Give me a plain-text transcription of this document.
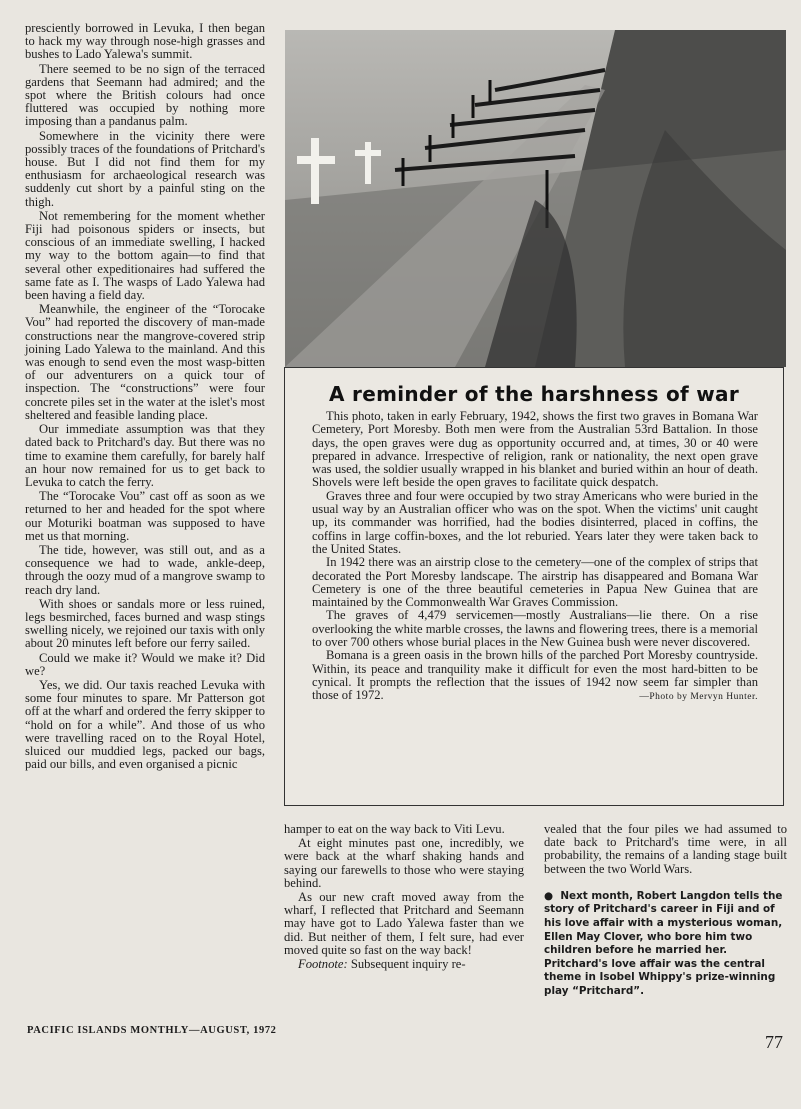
presciently borrowed in Levuka, I then began to hack my way through nose-high grasses and bushes to Lado Yalewa's summit.

There seemed to be no sign of the terraced gardens that Seemann had admired; and the spot where the British colours had once fluttered was occupied by nothing more imposing than a pandanus palm.

Somewhere in the vicinity there were possibly traces of the foundations of Pritchard's house. But I did not find them for my enthusiasm for archaeological research was suddenly cut short by a painful sting on the thigh.

Not remembering for the moment whether Fiji had poisonous spiders or insects, but conscious of an immediate swelling, I hacked my way to the bottom again—to find that several other expeditionaires had suffered the same fate as I. The wasps of Lado Yalewa had been having a field day.

Meanwhile, the engineer of the “Torocake Vou” had reported the discovery of man-made constructions near the mangrove-covered strip joining Lado Yalewa to the mainland. And this was enough to send even the most wasp-bitten of our adventurers on a quick tour of inspection. The “constructions” were four concrete piles set in the water at the islet's most sheltered and feasible landing place.

Our immediate assumption was that they dated back to Pritchard's day. But there was no time to examine them carefully, for barely half an hour now remained for us to get back to Levuka to catch the ferry.

The “Torocake Vou” cast off as soon as we returned to her and headed for the spot where our Moturiki boatman was supposed to have met us that morning.

The tide, however, was still out, and as a consequence we had to wade, ankle-deep, through the oozy mud of a mangrove swamp to reach dry land.

With shoes or sandals more or less ruined, legs besmirched, faces burned and wasp stings swelling nicely, we rejoined our taxis with only about 20 minutes left before our ferry sailed.

Could we make it? Would we make it? Did we?

Yes, we did. Our taxis reached Levuka with some four minutes to spare. Mr Patterson got off at the wharf and ordered the ferry skipper to “hold on for a while”. And those of us who were travelling raced on to the Royal Hotel, sluiced our muddied legs, packed our bags, paid our bills, and even organised a picnic

A reminder of the harshness of war

This photo, taken in early February, 1942, shows the first two graves in Bomana War Cemetery, Port Moresby. Both men were from the Australian 53rd Battalion. In those days, the open graves were dug as opportunity occurred and, at times, 30 or 40 were prepared in advance. Irrespective of religion, rank or nationality, the next open grave was used, the soldier usually wrapped in his blanket and buried within an hour of death. Shovels were left beside the open graves to facilitate quick despatch.

Graves three and four were occupied by two stray Americans who were buried in the usual way by an Australian officer who was on the spot. When the victims' unit caught up, its commander was horrified, had the bodies disinterred, placed in coffins, the coffins in large coffin-boxes, and the lot reburied. Years later they were taken back to the United States.

In 1942 there was an airstrip close to the cemetery—one of the complex of strips that decorated the Port Moresby landscape. The airstrip has disappeared and Bomana War Cemetery is one of the three beautiful cemeteries in Papua New Guinea that are maintained by the Commonwealth War Graves Commission.

The graves of 4,479 servicemen—mostly Australians—lie there. On a rise overlooking the white marble crosses, the lawns and flowering trees, there is a memorial to over 700 others whose burial places in the New Guinea bush were never discovered.

Bomana is a green oasis in the brown hills of the parched Port Moresby countryside. Within, its peace and tranquility make it difficult for even the most hard-bitten to be cynical. It prompts the reflection that the issues of 1942 now seem far simpler than those of 1972.	—Photo by Mervyn Hunter.

hamper to eat on the way back to Viti Levu.

At eight minutes past one, incredibly, we were back at the wharf shaking hands and saying our farewells to those who were staying behind.

As our new craft moved away from the wharf, I reflected that Pritchard and Seemann may have got to Lado Yalewa faster than we did. But neither of them, I felt sure, had ever moved quite so fast on the way back!

Footnote: Subsequent inquiry re-

vealed that the four piles we had assumed to date back to Pritchard's time were, in all probability, the remains of a landing stage built between the two World Wars.

● Next month, Robert Langdon tells the story of Pritchard's career in Fiji and of his love affair with a mysterious woman, Ellen May Clover, who bore him two children before he married her. Pritchard's love affair was the central theme in Isobel Whippy's prize-winning play “Pritchard”.
PACIFIC ISLANDS MONTHLY—AUGUST, 1972
77
